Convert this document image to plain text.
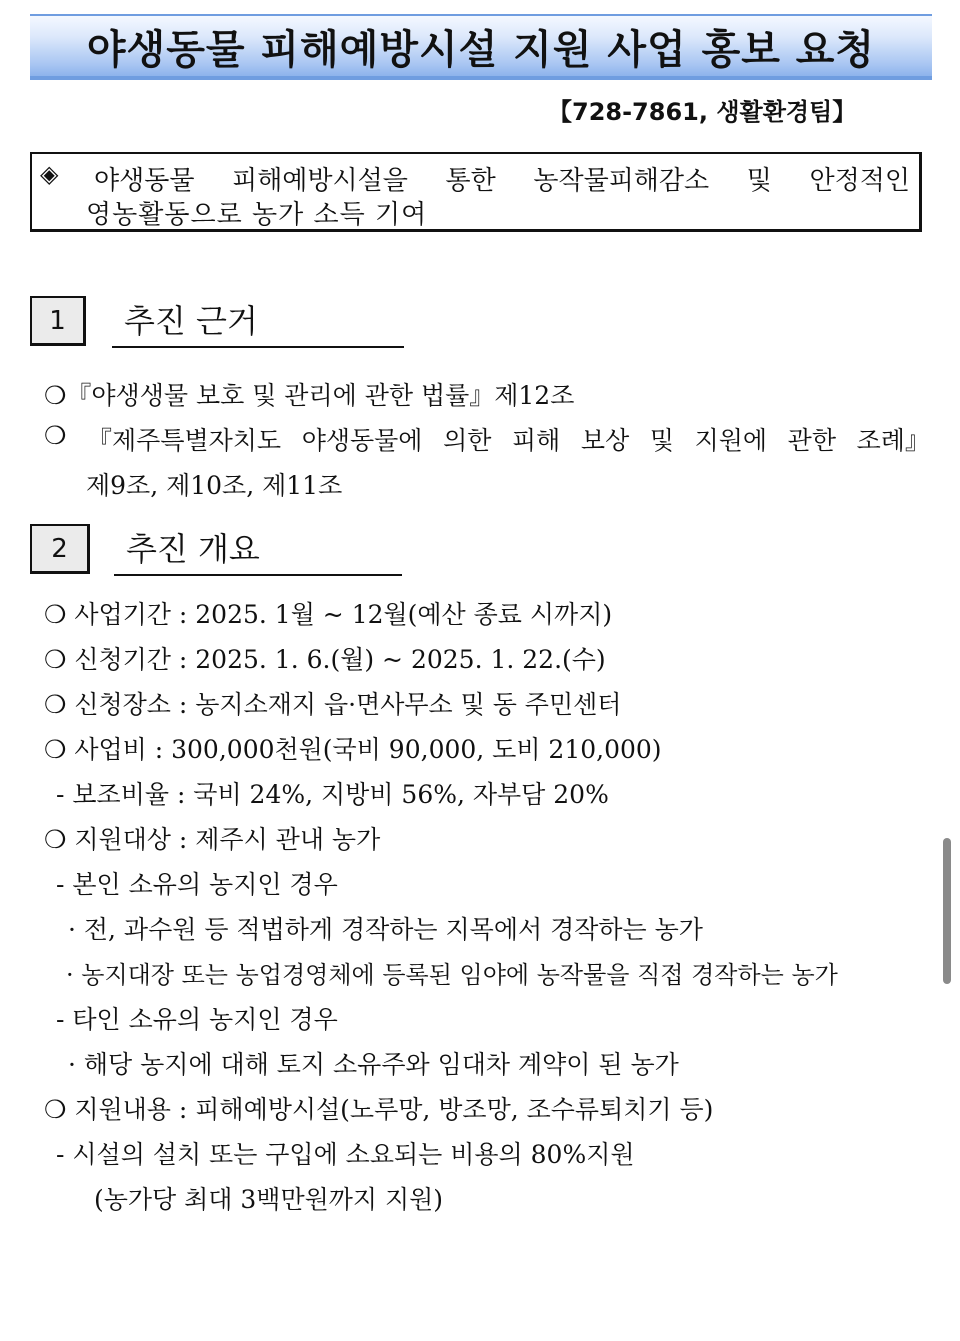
야생동물 피해예방시설 지원 사업 홍보 요청
【728-7861, 생활환경팀】
◈ 야생동물 피해예방시설을 통한 농작물피해감소 및 안정적인
영농활동으로 농가 소득 기여
1	추진 근거
❍『야생생물 보호 및 관리에 관한 법률』제12조
❍ 『제주특별자치도 야생동물에 의한 피해 보상 및 지원에 관한 조례』
제9조, 제10조, 제11조
2	추진 개요
❍ 사업기간 : 2025. 1월 ~ 12월(예산 종료 시까지)
❍ 신청기간 : 2025. 1. 6.(월) ~ 2025. 1. 22.(수)
❍ 신청장소 : 농지소재지 읍·면사무소 및 동 주민센터
❍ 사업비 : 300,000천원(국비 90,000, 도비 210,000)
- 보조비율 : 국비 24%, 지방비 56%, 자부담 20%
❍ 지원대상 : 제주시 관내 농가
- 본인 소유의 농지인 경우
· 전, 과수원 등 적법하게 경작하는 지목에서 경작하는 농가
· 농지대장 또는 농업경영체에 등록된 임야에 농작물을 직접 경작하는 농가
- 타인 소유의 농지인 경우
· 해당 농지에 대해 토지 소유주와 임대차 계약이 된 농가
❍ 지원내용 : 피해예방시설(노루망, 방조망, 조수류퇴치기 등)
- 시설의 설치 또는 구입에 소요되는 비용의 80%지원
(농가당 최대 3백만원까지 지원)
